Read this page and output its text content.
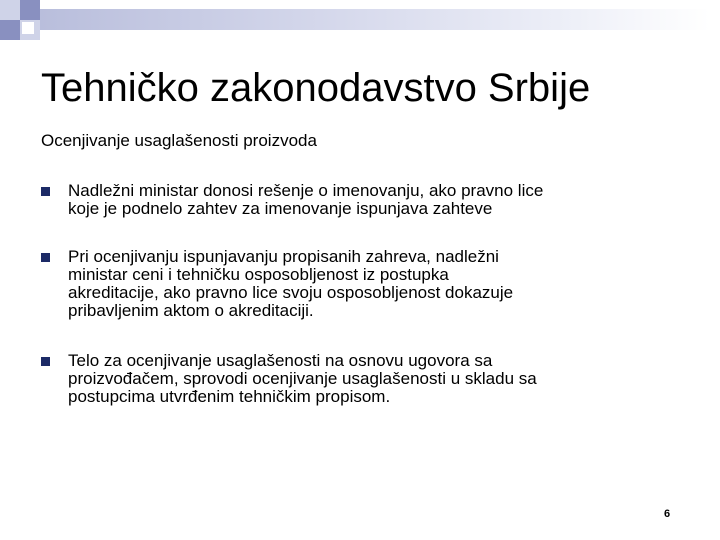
Tehničko zakonodavstvo Srbije
Ocenjivanje usaglašenosti proizvoda
Nadležni ministar donosi rešenje o imenovanju, ako pravno lice
koje je podnelo zahtev za imenovanje ispunjava zahteve
Pri ocenjivanju ispunjavanju propisanih zahreva, nadležni
ministar ceni i tehničku osposobljenost iz postupka
akreditacije, ako pravno lice svoju osposobljenost dokazuje
pribavljenim aktom o akreditaciji.
Telo za ocenjivanje usaglašenosti na osnovu ugovora sa
proizvođačem, sprovodi ocenjivanje usaglašenosti u skladu sa
postupcima utvrđenim tehničkim propisom.
6
